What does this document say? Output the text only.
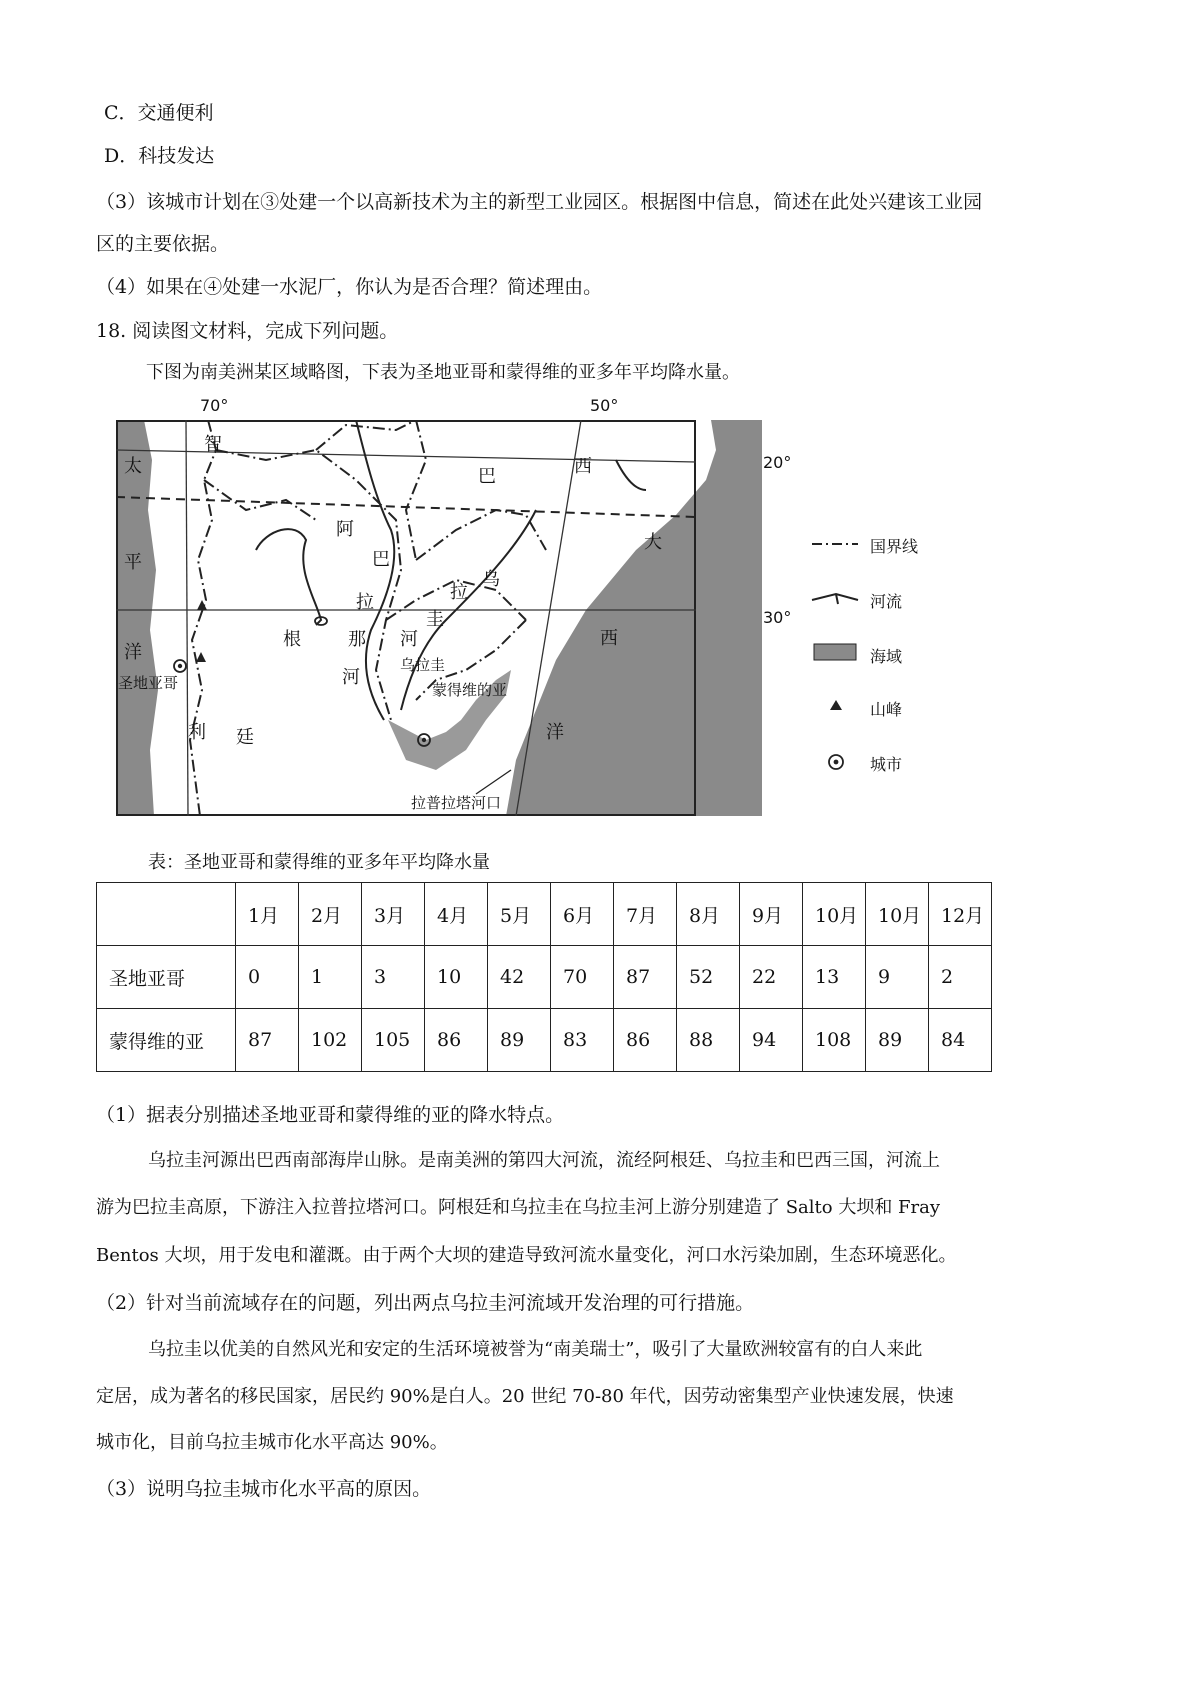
C．交通便利
D．科技发达
（3）该城市计划在③处建一个以高新技术为主的新型工业园区。根据图中信息，简述在此处兴建该工业园
区的主要依据。
（4）如果在④处建一水泥厂，你认为是否合理？简述理由。
18. 阅读图文材料，完成下列问题。
下图为南美洲某区域略图，下表为圣地亚哥和蒙得维的亚多年平均降水量。
智
利
太
平
洋
巴	西
大
西
洋
阿
根
廷
巴
拉
那
河
乌
拉
圭
河
乌拉圭
圣地亚哥	蒙得维的亚
拉普拉塔河口
70°	50°
20°
30°
国界线
河流
海域
山峰
城市
表：圣地亚哥和蒙得维的亚多年平均降水量
	1月	2月	3月	4月	5月	6月	7月	8月	9月	10月	10月	12月
圣地亚哥	0	1	3	10	42	70	87	52	22	13	9	2
蒙得维的亚	87	102	105	86	89	83	86	88	94	108	89	84
（1）据表分别描述圣地亚哥和蒙得维的亚的降水特点。
乌拉圭河源出巴西南部海岸山脉。是南美洲的第四大河流，流经阿根廷、乌拉圭和巴西三国，河流上
游为巴拉圭高原，下游注入拉普拉塔河口。阿根廷和乌拉圭在乌拉圭河上游分别建造了 Salto 大坝和 Fray
Bentos 大坝，用于发电和灌溉。由于两个大坝的建造导致河流水量变化，河口水污染加剧，生态环境恶化。
（2）针对当前流域存在的问题，列出两点乌拉圭河流域开发治理的可行措施。
乌拉圭以优美的自然风光和安定的生活环境被誉为“南美瑞士”，吸引了大量欧洲较富有的白人来此
定居，成为著名的移民国家，居民约 90%是白人。20 世纪 70-80 年代，因劳动密集型产业快速发展，快速
城市化，目前乌拉圭城市化水平高达 90%。
（3）说明乌拉圭城市化水平高的原因。
